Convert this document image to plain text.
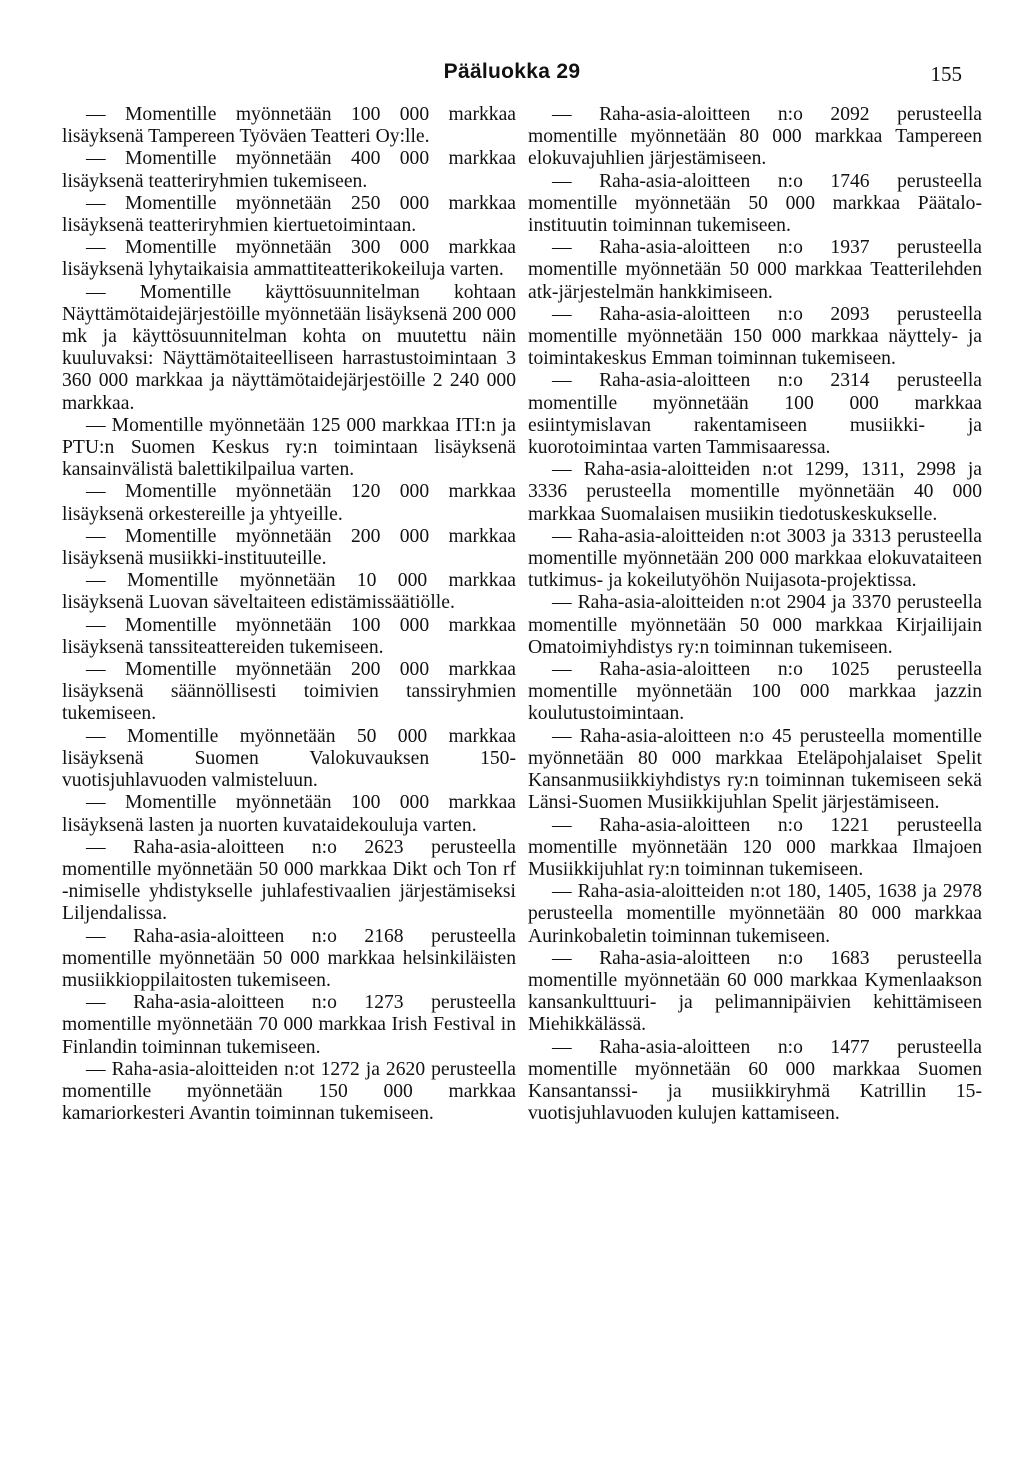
Pääluokka 29	155

— Momentille myönnetään 100 000 markkaa lisäyksenä Tampereen Työväen Teatteri Oy:lle.

— Momentille myönnetään 400 000 markkaa lisäyksenä teatteriryhmien tukemiseen.

— Momentille myönnetään 250 000 markkaa lisäyksenä teatteriryhmien kiertuetoimintaan.

— Momentille myönnetään 300 000 markkaa lisäyksenä lyhytaikaisia ammattiteatterikokeiluja varten.

— Momentille käyttösuunnitelman kohtaan Näyttämötaidejärjestöille myönnetään lisäyksenä 200 000 mk ja käyttösuunnitelman kohta on muutettu näin kuuluvaksi: Näyttämötaiteelliseen harrastustoimintaan 3 360 000 markkaa ja näyttämötaidejärjestöille 2 240 000 markkaa.

— Momentille myönnetään 125 000 markkaa ITI:n ja PTU:n Suomen Keskus ry:n toimintaan lisäyksenä kansainvälistä balettikilpailua varten.

— Momentille myönnetään 120 000 markkaa lisäyksenä orkestereille ja yhtyeille.

— Momentille myönnetään 200 000 markkaa lisäyksenä musiikki-instituuteille.

— Momentille myönnetään 10 000 markkaa lisäyksenä Luovan säveltaiteen edistämissäätiölle.

— Momentille myönnetään 100 000 markkaa lisäyksenä tanssiteattereiden tukemiseen.

— Momentille myönnetään 200 000 markkaa lisäyksenä säännöllisesti toimivien tanssiryhmien tukemiseen.

— Momentille myönnetään 50 000 markkaa lisäyksenä Suomen Valokuvauksen 150-vuotisjuhlavuoden valmisteluun.

— Momentille myönnetään 100 000 markkaa lisäyksenä lasten ja nuorten kuvataidekouluja varten.

— Raha-asia-aloitteen n:o 2623 perusteella momentille myönnetään 50 000 markkaa Dikt och Ton rf -nimiselle yhdistykselle juhlafestivaalien järjestämiseksi Liljendalissa.

— Raha-asia-aloitteen n:o 2168 perusteella momentille myönnetään 50 000 markkaa helsinkiläisten musiikkioppilaitosten tukemiseen.

— Raha-asia-aloitteen n:o 1273 perusteella momentille myönnetään 70 000 markkaa Irish Festival in Finlandin toiminnan tukemiseen.

— Raha-asia-aloitteiden n:ot 1272 ja 2620 perusteella momentille myönnetään 150 000 markkaa kamariorkesteri Avantin toiminnan tukemiseen.

— Raha-asia-aloitteen n:o 2092 perusteella momentille myönnetään 80 000 markkaa Tampereen elokuvajuhlien järjestämiseen.

— Raha-asia-aloitteen n:o 1746 perusteella momentille myönnetään 50 000 markkaa Päätalo-instituutin toiminnan tukemiseen.

— Raha-asia-aloitteen n:o 1937 perusteella momentille myönnetään 50 000 markkaa Teatterilehden atk-järjestelmän hankkimiseen.

— Raha-asia-aloitteen n:o 2093 perusteella momentille myönnetään 150 000 markkaa näyttely- ja toimintakeskus Emman toiminnan tukemiseen.

— Raha-asia-aloitteen n:o 2314 perusteella momentille myönnetään 100 000 markkaa esiintymislavan rakentamiseen musiikki- ja kuorotoimintaa varten Tammisaaressa.

— Raha-asia-aloitteiden n:ot 1299, 1311, 2998 ja 3336 perusteella momentille myönnetään 40 000 markkaa Suomalaisen musiikin tiedotuskeskukselle.

— Raha-asia-aloitteiden n:ot 3003 ja 3313 perusteella momentille myönnetään 200 000 markkaa elokuvataiteen tutkimus- ja kokeilutyöhön Nuijasota-projektissa.

— Raha-asia-aloitteiden n:ot 2904 ja 3370 perusteella momentille myönnetään 50 000 markkaa Kirjailijain Omatoimiyhdistys ry:n toiminnan tukemiseen.

— Raha-asia-aloitteen n:o 1025 perusteella momentille myönnetään 100 000 markkaa jazzin koulutustoimintaan.

— Raha-asia-aloitteen n:o 45 perusteella momentille myönnetään 80 000 markkaa Eteläpohjalaiset Spelit Kansanmusiikkiyhdistys ry:n toiminnan tukemiseen sekä Länsi-Suomen Musiikkijuhlan Spelit järjestämiseen.

— Raha-asia-aloitteen n:o 1221 perusteella momentille myönnetään 120 000 markkaa Ilmajoen Musiikkijuhlat ry:n toiminnan tukemiseen.

— Raha-asia-aloitteiden n:ot 180, 1405, 1638 ja 2978 perusteella momentille myönnetään 80 000 markkaa Aurinkobaletin toiminnan tukemiseen.

— Raha-asia-aloitteen n:o 1683 perusteella momentille myönnetään 60 000 markkaa Kymenlaakson kansankulttuuri- ja pelimannipäivien kehittämiseen Miehikkälässä.

— Raha-asia-aloitteen n:o 1477 perusteella momentille myönnetään 60 000 markkaa Suomen Kansantanssi- ja musiikkiryhmä Katrillin 15-vuotisjuhlavuoden kulujen kattamiseen.
